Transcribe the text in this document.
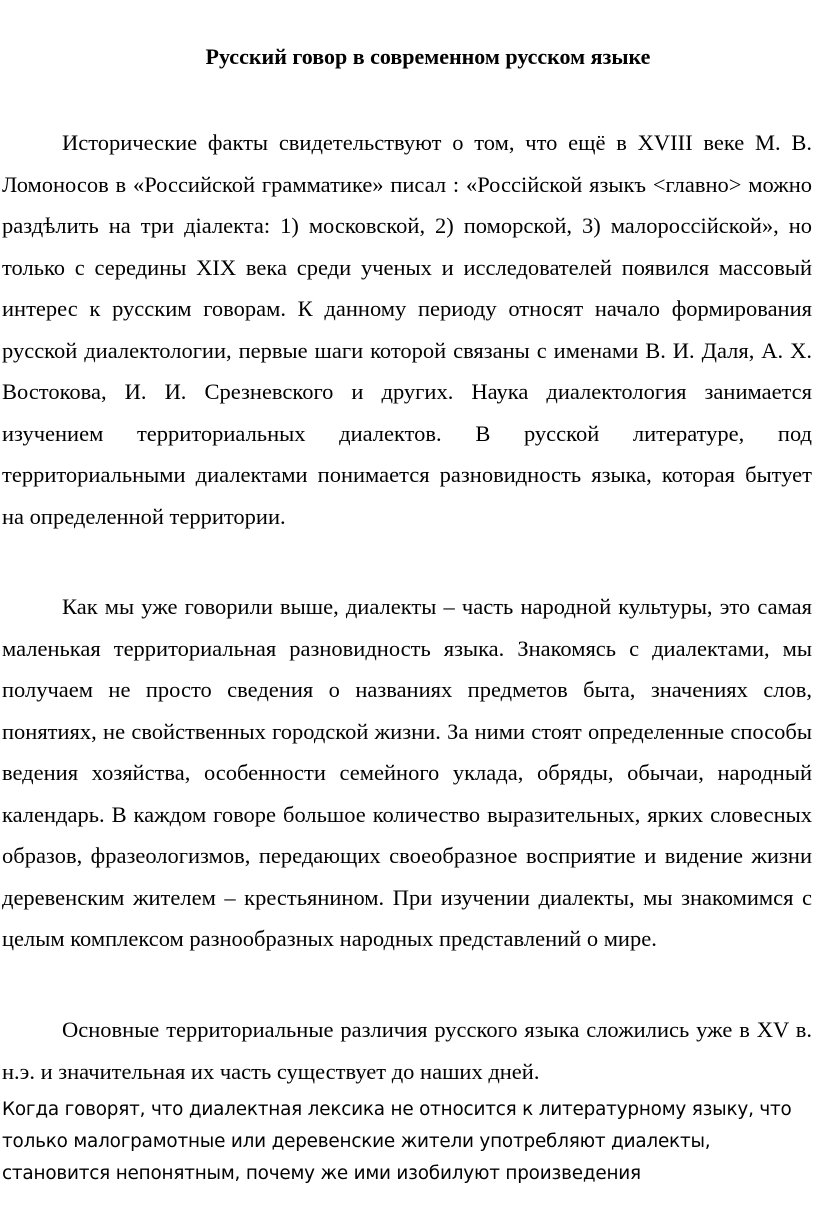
Русский говор в современном русском языке

Исторические факты свидетельствуют о том, что ещё в XVIII веке М. В. Ломоносов в «Российской грамматике» писал : «Россiйской языкъ <главно> можно раздѣлить на три дiалекта: 1) московской, 2) поморской, 3) малороссiйской», но только с середины XIX века среди ученых и исследователей появился массовый интерес к русским говорам. К данному периоду относят начало формирования русской диалектологии, первые шаги которой связаны с именами В. И. Даля, А. Х. Востокова, И. И. Срезневского и других. Наука диалектология занимается изучением территориальных диалектов. В русской литературе, под территориальными диалектами понимается разновидность языка, которая бытует на определенной территории.

Как мы уже говорили выше, диалекты – часть народной культуры, это самая маленькая территориальная разновидность языка. Знакомясь с диалектами, мы получаем не просто сведения о названиях предметов быта, значениях слов, понятиях, не свойственных городской жизни. За ними стоят определенные способы ведения хозяйства, особенности семейного уклада, обряды, обычаи, народный календарь. В каждом говоре большое количество выразительных, ярких словесных образов, фразеологизмов, передающих своеобразное восприятие и видение жизни деревенским жителем – крестьянином. При изучении диалекты, мы знакомимся с целым комплексом разнообразных народных представлений о мире.

Основные территориальные различия русского языка сложились уже в XV в. н.э. и значительная их часть существует до наших дней.

Когда говорят, что диалектная лексика не относится к литературному языку, что только малограмотные или деревенские жители употребляют диалекты, становится непонятным, почему же ими изобилуют произведения
